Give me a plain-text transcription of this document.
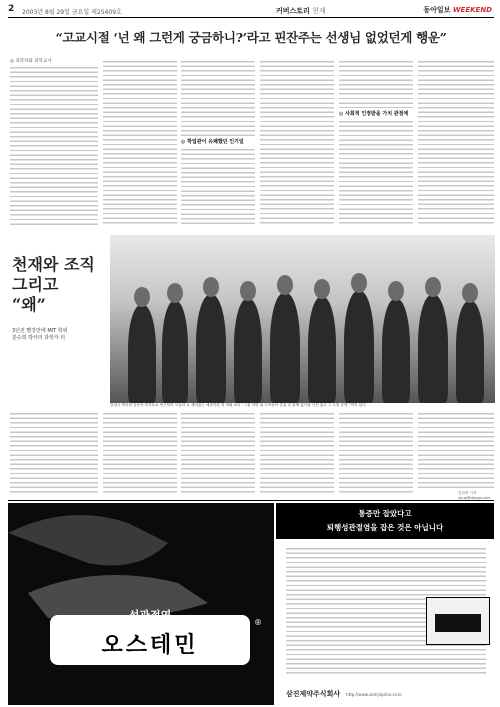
2 2003년 8월 29일 금요일 제25409호	커버스토리 현재	동아일보 WEEKEND
“고교시절 ‘넌 왜 그런게 궁금하니?’라고 핀잔주는 선생님 없었던게 행운”
◎ 과학자와 과학교사
◎ 학업관이 유쾌했던 인기일
◎ 사회적 인정받을 가치 관점에
천재와 조직
그리고
“왜”
3년전 빨강만에 MIT 학위
분승희 박사의 과학자 리
김성국 박사의 공동저 미각요로 연구팀의 모습과 토 재미있는 세상이란 과 학회 보다 “그룹 하연 회 도학들이 즐겁 리 함께 없기를 사진 있고 그 도밑 운영 ”하지 있다.
김현중 기자 youp@donga.com
성관절염
오스테민
®
통증만 잡았다고
퇴행성관절염을 잡은 것은 아닙니다
삼진제약주식회사 http://www.samjinphar.co.kr
